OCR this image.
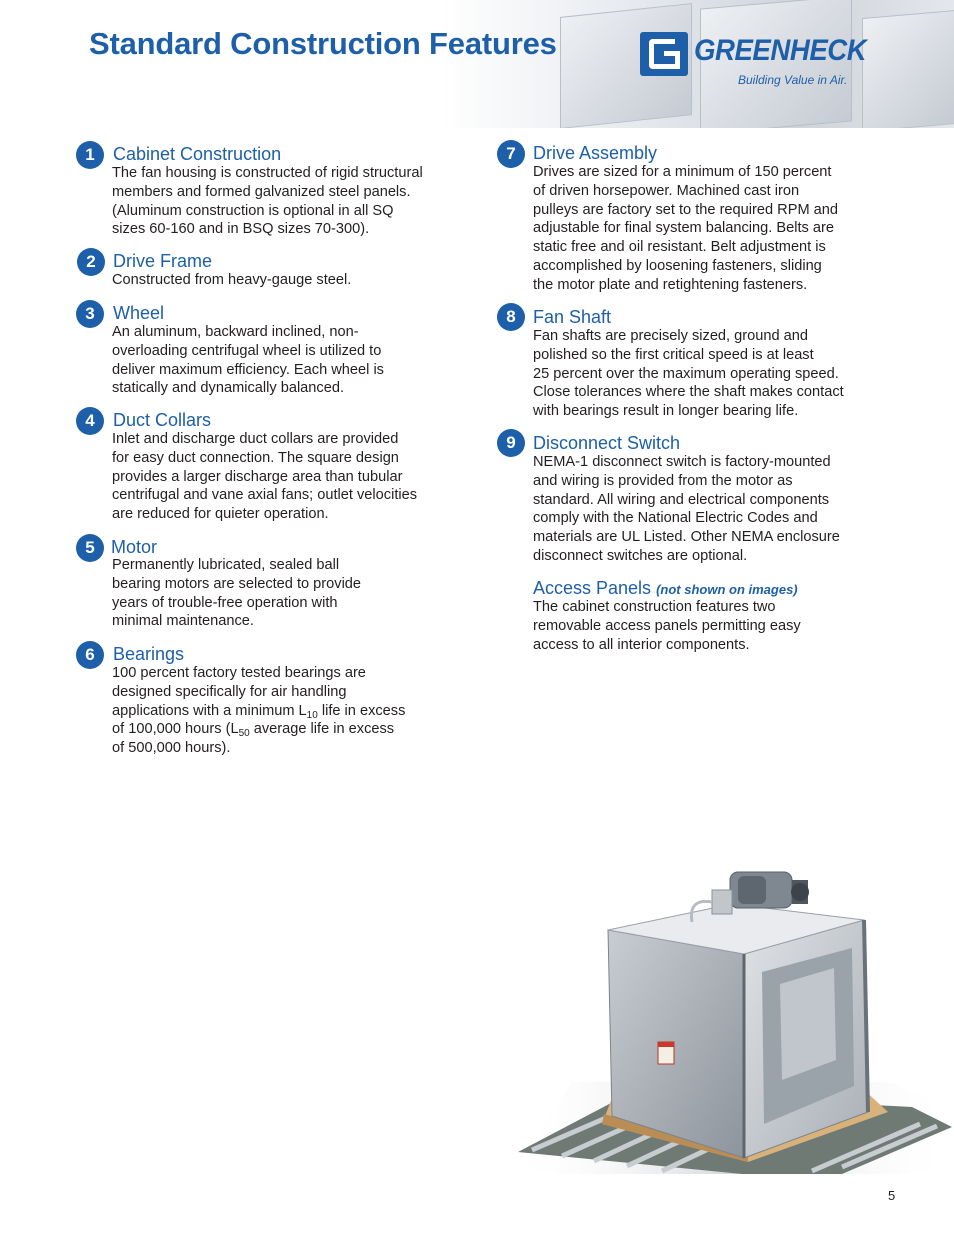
Standard Construction Features	GREENHECK
Building Value in Air.
1	Cabinet Construction
The fan housing is constructed of rigid structural
members and formed galvanized steel panels.
(Aluminum construction is optional in all SQ
sizes 60-160 and in BSQ sizes 70-300).
2 Drive Frame
Constructed from heavy-gauge steel.
3	Wheel
An aluminum, backward inclined, non-
overloading centrifugal wheel is utilized to
deliver maximum efficiency. Each wheel is
statically and dynamically balanced.
4	Duct Collars
Inlet and discharge duct collars are provided
for easy duct connection. The square design
provides a larger discharge area than tubular
centrifugal and vane axial fans; outlet velocities
are reduced for quieter operation.
5 Motor
Permanently lubricated, sealed ball
bearing motors are selected to provide
years of trouble-free operation with
minimal maintenance.
6	Bearings
100 percent factory tested bearings are
designed specifically for air handling
applications with a minimum $L_{10}$ life in excess
of 100,000 hours ($L_{50}$ average life in excess
of 500,000 hours).
7 Drive Assembly
Drives are sized for a minimum of 150 percent
of driven horsepower. Machined cast iron
pulleys are factory set to the required RPM and
adjustable for final system balancing. Belts are
static free and oil resistant. Belt adjustment is
accomplished by loosening fasteners, sliding
the motor plate and retightening fasteners.
8 Fan Shaft
Fan shafts are precisely sized, ground and
polished so the first critical speed is at least
25 percent over the maximum operating speed.
Close tolerances where the shaft makes contact
with bearings result in longer bearing life.
9 Disconnect Switch
NEMA-1 disconnect switch is factory-mounted
and wiring is provided from the motor as
standard. All wiring and electrical components
comply with the National Electric Codes and
materials are UL Listed. Other NEMA enclosure
disconnect switches are optional.
Access Panels (not shown on images)
The cabinet construction features two
removable access panels permitting easy
access to all interior components.
5
